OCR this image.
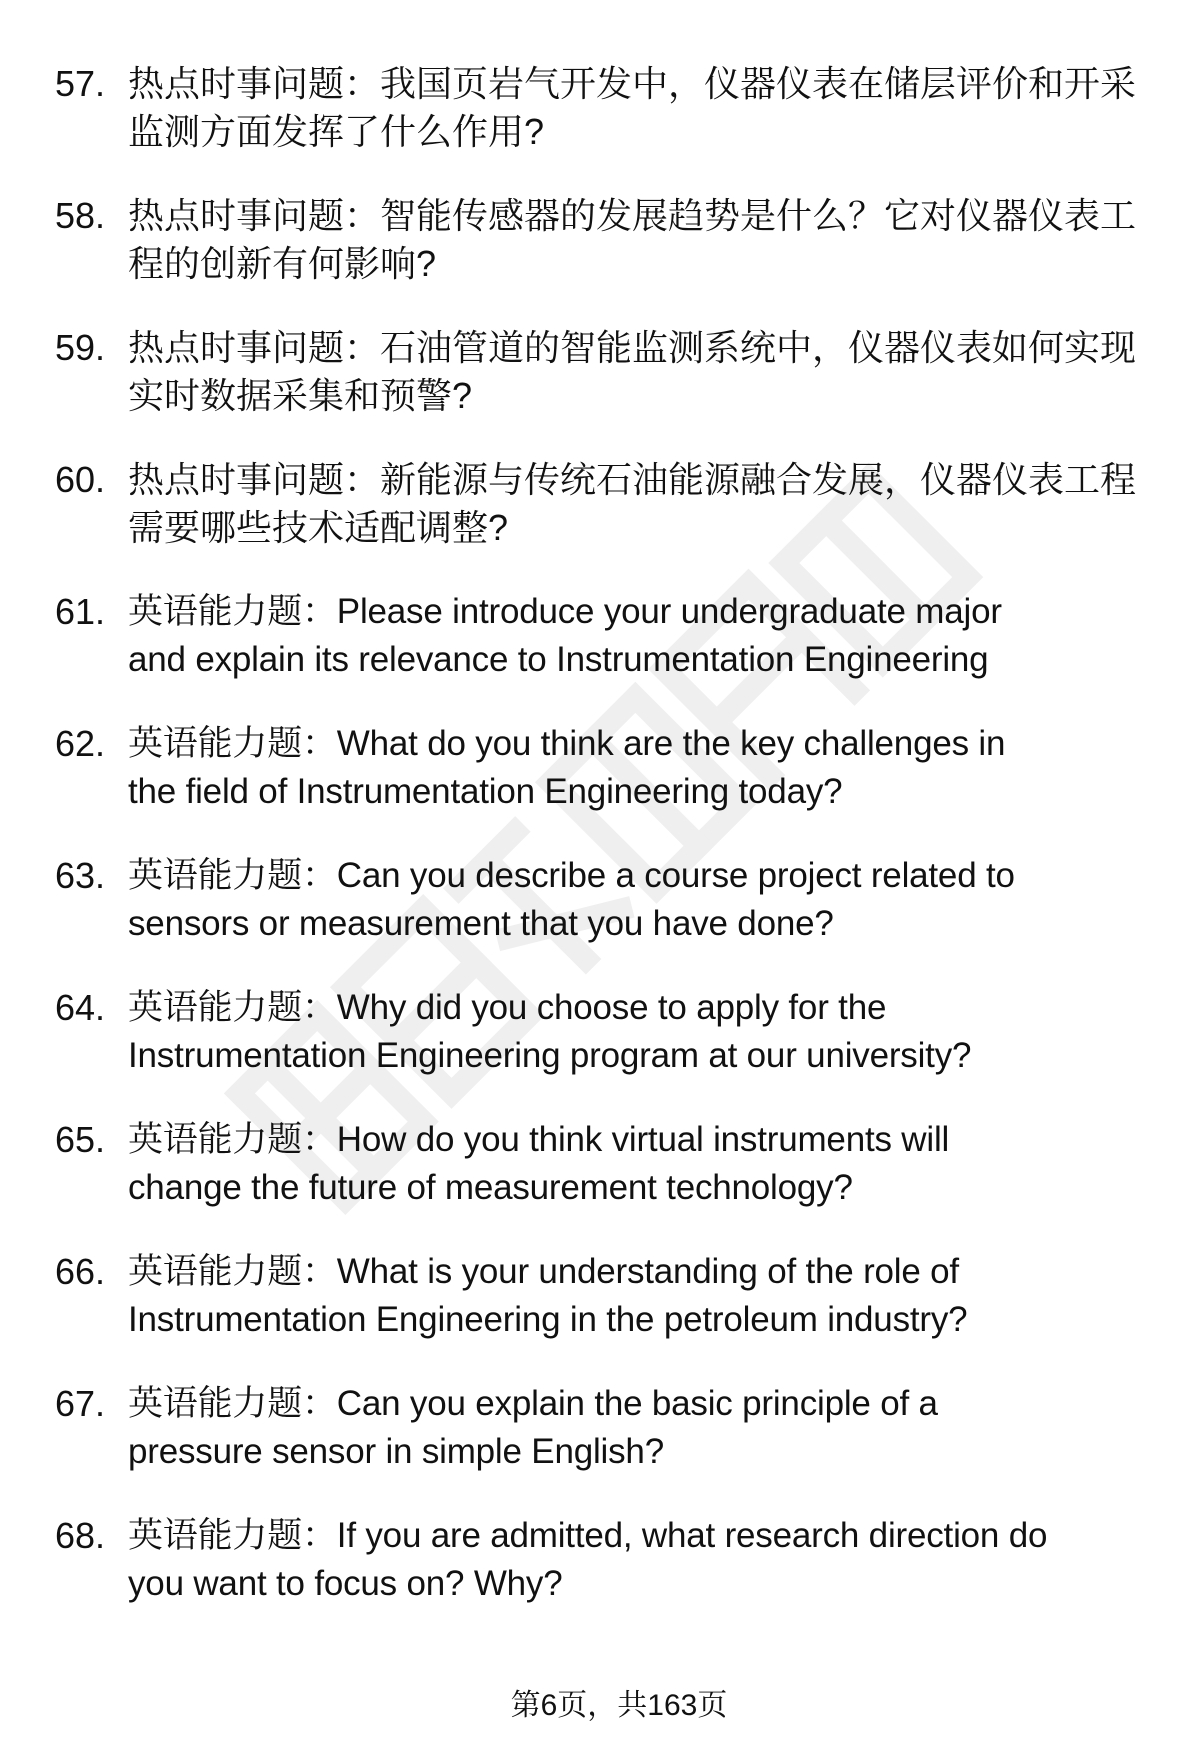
57. 热点时事问题：我国页岩气开发中，仪器仪表在储层评价和开采
监测方面发挥了什么作用?
58. 热点时事问题：智能传感器的发展趋势是什么？它对仪器仪表工
程的创新有何影响?
59. 热点时事问题：石油管道的智能监测系统中，仪器仪表如何实现
实时数据采集和预警?
60. 热点时事问题：新能源与传统石油能源融合发展，仪器仪表工程
需要哪些技术适配调整?
61. 英语能力题：Please introduce your undergraduate major
and explain its relevance to Instrumentation Engineering
62. 英语能力题：What do you think are the key challenges in
the field of Instrumentation Engineering today?
63. 英语能力题：Can you describe a course project related to
sensors or measurement that you have done?
64. 英语能力题：Why did you choose to apply for the
Instrumentation Engineering program at our university?
65. 英语能力题：How do you think virtual instruments will
change the future of measurement technology?
66. 英语能力题：What is your understanding of the role of
Instrumentation Engineering in the petroleum industry?
67. 英语能力题：Can you explain the basic principle of a
pressure sensor in simple English?
68. 英语能力题：If you are admitted, what research direction do
you want to focus on? Why?
第6页，共163页
